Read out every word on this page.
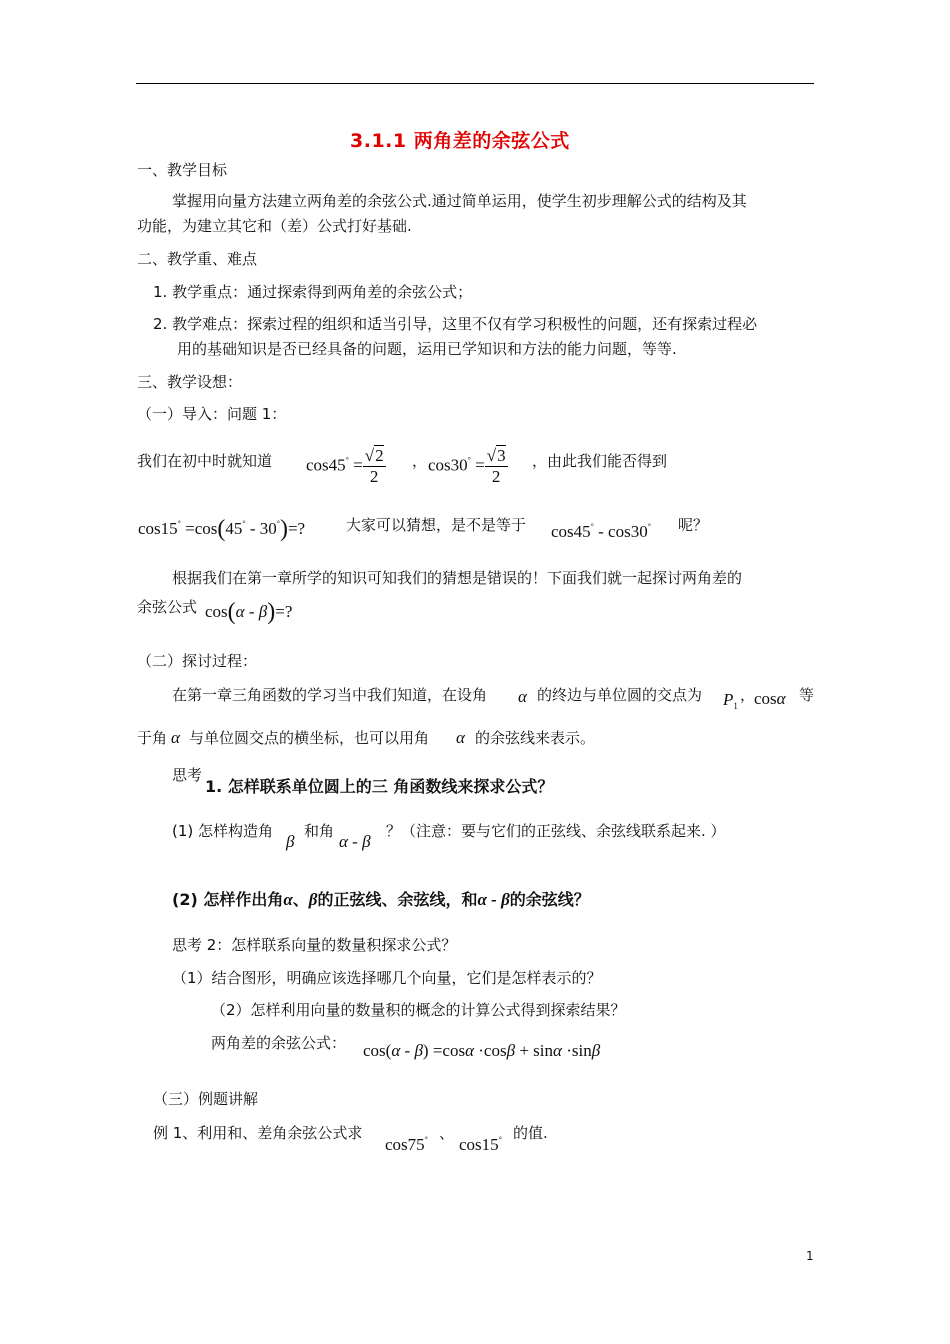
3.1.1 两角差的余弦公式
一、教学目标
掌握用向量方法建立两角差的余弦公式.通过简单运用，使学生初步理解公式的结构及其
功能，为建立其它和（差）公式打好基础.
二、教学重、难点
1. 教学重点：通过探索得到两角差的余弦公式；
2. 教学难点：探索过程的组织和适当引导，这里不仅有学习积极性的问题，还有探索过程必
用的基础知识是否已经具备的问题，运用已学知识和方法的能力问题，等等.
三、教学设想：
（一）导入：问题 1：
我们在初中时就知道 $\cos 45^\circ = \frac{√2}{2}$ ， $\cos 30^\circ = \frac{√3}{2}$ ，由此我们能否得到
cos15° =cos(45° - 30°)=?	大家可以猜想，是不是等于 cos45° - cos30° 呢？
根据我们在第一章所学的知识可知我们的猜想是错误的！下面我们就一起探讨两角差的
余弦公式 cos(α - β)=?
（二）探讨过程：
在第一章三角函数的学习当中我们知道，在设角 α 的终边与单位圆的交点为 $P_1$
，
cosα 等
于角 α 与单位圆交点的横坐标，也可以用角 α 的余弦线来表示。
思考
1. 怎样联系单位圆上的三 角函数线来探求公式？
(1) 怎样构造角
β
和角
α - β
？（注意：要与它们的正弦线、余弦线联系起来. ）
(2) 怎样作出角α、β的正弦线、余弦线，和α - β的余弦线？
思考 2：怎样联系向量的数量积探求公式？
（1）结合图形，明确应该选择哪几个向量，它们是怎样表示的？
（2）怎样利用向量的数量积的概念的计算公式得到探索结果？
两角差的余弦公式： cos(α - β) =cosα ·cosβ + sinα ·sinβ
（三）例题讲解
例 1、利用和、差角余弦公式求
cos75° 、
cos15° 的值.
1
